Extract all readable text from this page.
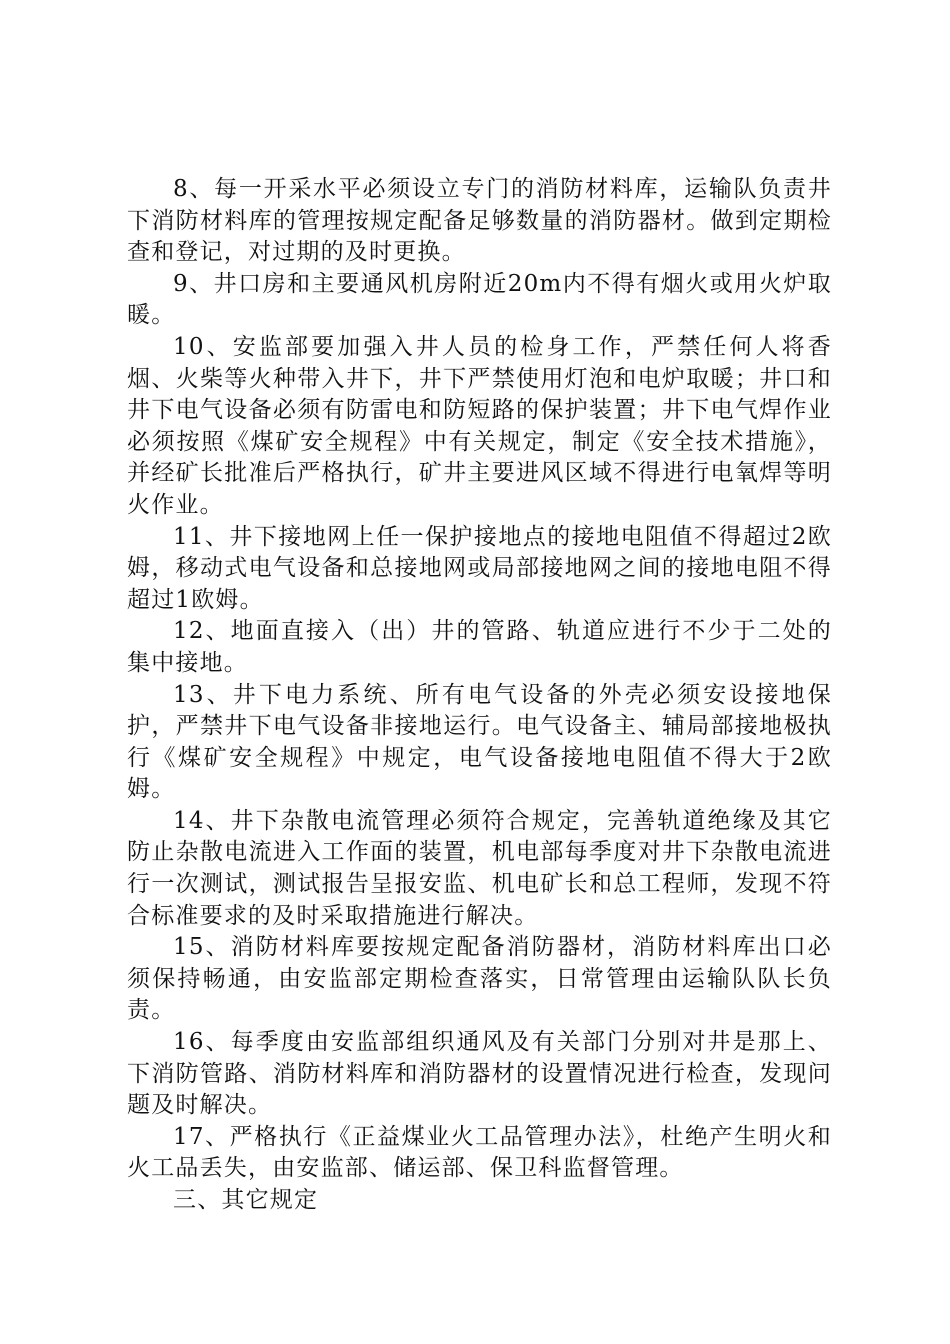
8、每一开采水平必须设立专门的消防材料库，运输队负责井下消防材料库的管理按规定配备足够数量的消防器材。做到定期检查和登记，对过期的及时更换。

9、井口房和主要通风机房附近20m内不得有烟火或用火炉取暖。

10、安监部要加强入井人员的检身工作，严禁任何人将香烟、火柴等火种带入井下，井下严禁使用灯泡和电炉取暖；井口和井下电气设备必须有防雷电和防短路的保护装置；井下电气焊作业必须按照《煤矿安全规程》中有关规定，制定《安全技术措施》，并经矿长批准后严格执行，矿井主要进风区域不得进行电氧焊等明火作业。

11、井下接地网上任一保护接地点的接地电阻值不得超过2欧姆，移动式电气设备和总接地网或局部接地网之间的接地电阻不得超过1欧姆。

12、地面直接入（出）井的管路、轨道应进行不少于二处的集中接地。

13、井下电力系统、所有电气设备的外壳必须安设接地保护，严禁井下电气设备非接地运行。电气设备主、辅局部接地极执行《煤矿安全规程》中规定，电气设备接地电阻值不得大于2欧姆。

14、井下杂散电流管理必须符合规定，完善轨道绝缘及其它防止杂散电流进入工作面的装置，机电部每季度对井下杂散电流进行一次测试，测试报告呈报安监、机电矿长和总工程师，发现不符合标准要求的及时采取措施进行解决。

15、消防材料库要按规定配备消防器材，消防材料库出口必须保持畅通，由安监部定期检查落实，日常管理由运输队队长负责。

16、每季度由安监部组织通风及有关部门分别对井是那上、下消防管路、消防材料库和消防器材的设置情况进行检查，发现问题及时解决。

17、严格执行《正益煤业火工品管理办法》，杜绝产生明火和火工品丢失，由安监部、储运部、保卫科监督管理。

三、其它规定
